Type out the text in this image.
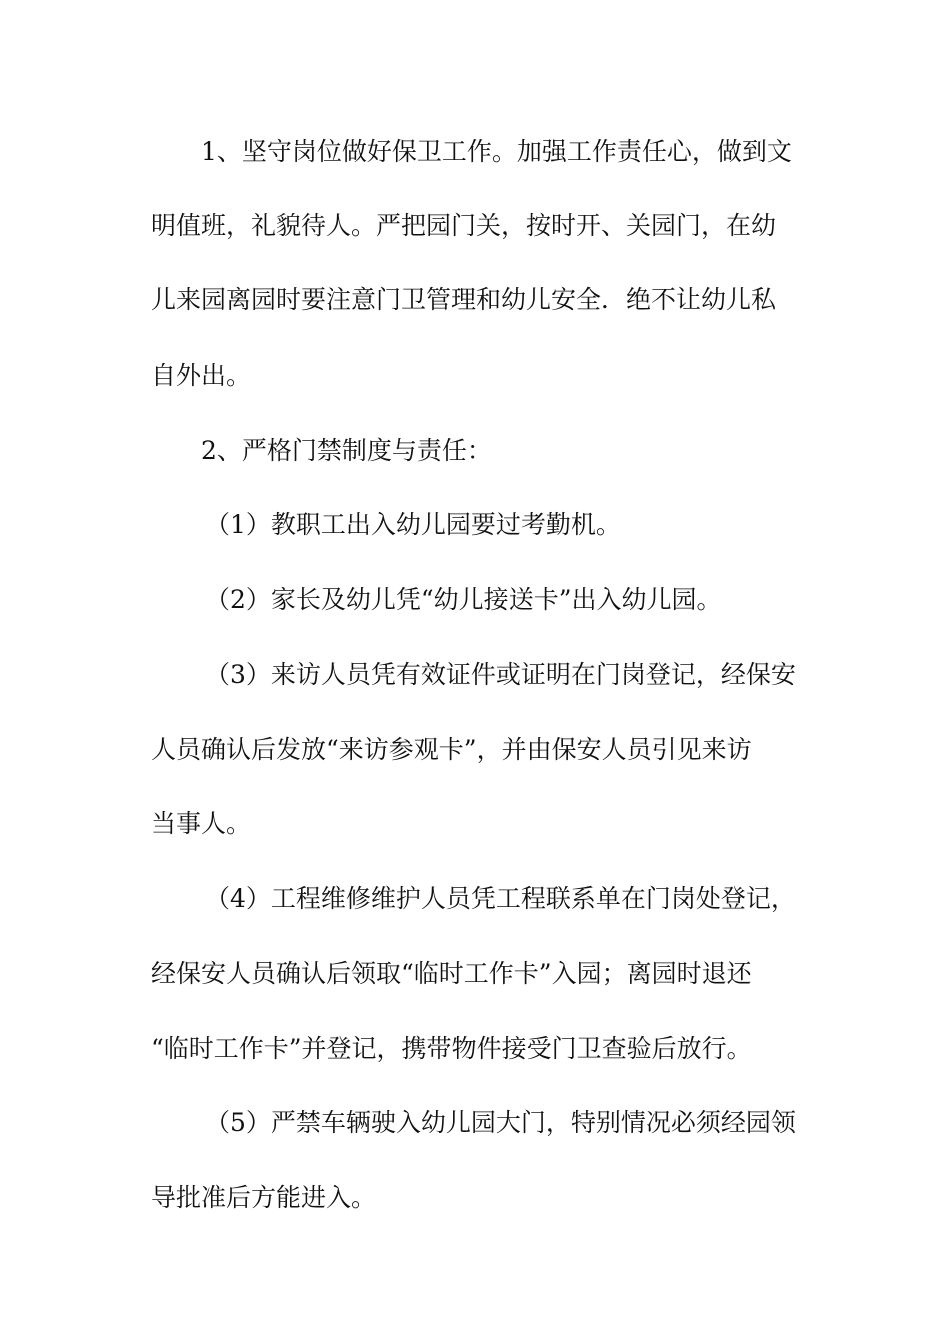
1、坚守岗位做好保卫工作。加强工作责任心，做到文
明值班，礼貌待人。严把园门关，按时开、关园门，在幼
儿来园离园时要注意门卫管理和幼儿安全．绝不让幼儿私
自外出。
2、严格门禁制度与责任：
（1）教职工出入幼儿园要过考勤机。
（2）家长及幼儿凭“幼儿接送卡”出入幼儿园。
（3）来访人员凭有效证件或证明在门岗登记，经保安
人员确认后发放“来访参观卡”，并由保安人员引见来访
当事人。
（4）工程维修维护人员凭工程联系单在门岗处登记，
经保安人员确认后领取“临时工作卡”入园；离园时退还
“临时工作卡”并登记，携带物件接受门卫查验后放行。
（5）严禁车辆驶入幼儿园大门，特别情况必须经园领
导批准后方能进入。
